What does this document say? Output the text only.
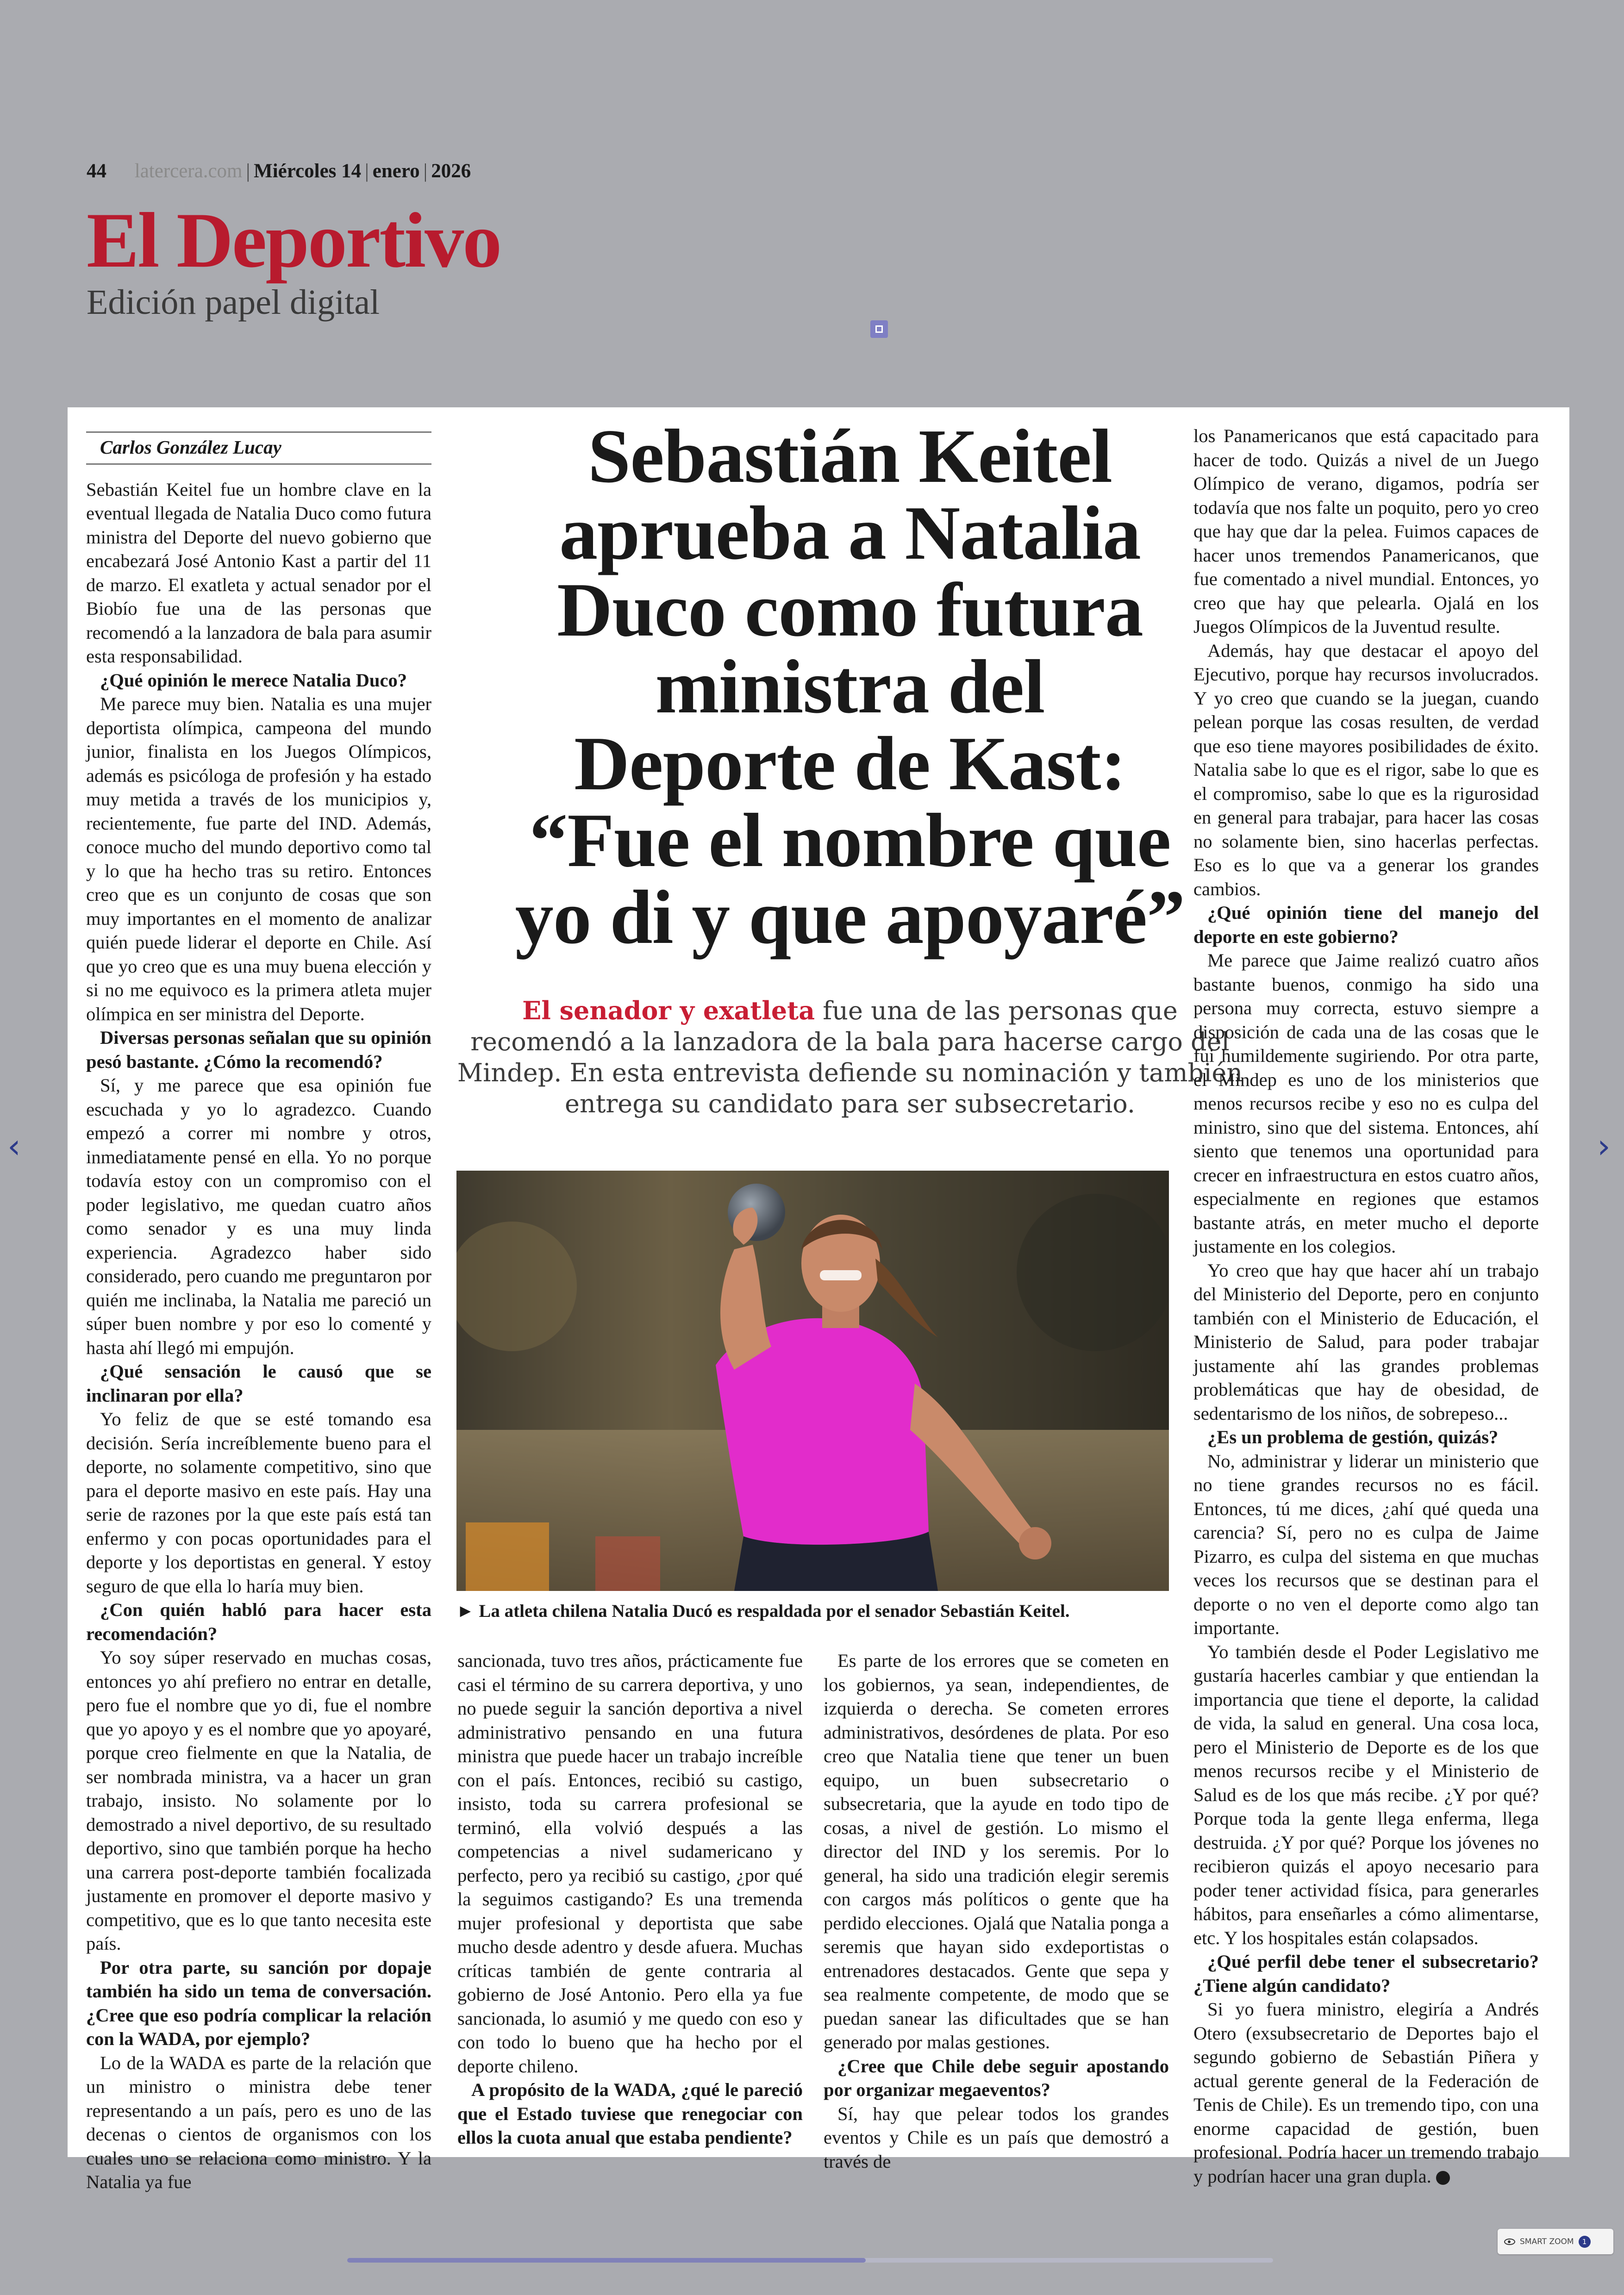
44 latercera.com | Miércoles 14 | enero | 2026
El Deportivo
Edición papel digital
‹	›

Carlos González Lucay

Sebastián Keitel fue un hombre clave en la eventual llegada de Natalia Duco como futura ministra del Deporte del nuevo gobierno que encabezará José Antonio Kast a partir del 11 de marzo. El exatleta y actual senador por el Biobío fue una de las personas que recomendó a la lanzadora de bala para asumir esta responsabilidad.

¿Qué opinión le merece Natalia Duco?

Me parece muy bien. Natalia es una mujer deportista olímpica, campeona del mundo junior, finalista en los Juegos Olímpicos, además es psicóloga de profesión y ha estado muy metida a través de los municipios y, recientemente, fue parte del IND. Además, conoce mucho del mundo deportivo como tal y lo que ha hecho tras su retiro. Entonces creo que es un conjunto de cosas que son muy importantes en el momento de analizar quién puede liderar el deporte en Chile. Así que yo creo que es una muy buena elección y si no me equivoco es la primera atleta mujer olímpica en ser ministra del Deporte.

Diversas personas señalan que su opinión pesó bastante. ¿Cómo la recomendó?

Sí, y me parece que esa opinión fue escuchada y yo lo agradezco. Cuando empezó a correr mi nombre y otros, inmediatamente pensé en ella. Yo no porque todavía estoy con un compromiso con el poder legislativo, me quedan cuatro años como senador y es una muy linda experiencia. Agradezco haber sido considerado, pero cuando me preguntaron por quién me inclinaba, la Natalia me pareció un súper buen nombre y por eso lo comenté y hasta ahí llegó mi empujón.

¿Qué sensación le causó que se inclinaran por ella?

Yo feliz de que se esté tomando esa decisión. Sería increíblemente bueno para el deporte, no solamente competitivo, sino que para el deporte masivo en este país. Hay una serie de razones por la que este país está tan enfermo y con pocas oportunidades para el deporte y los deportistas en general. Y estoy seguro de que ella lo haría muy bien.

¿Con quién habló para hacer esta recomendación?

Yo soy súper reservado en muchas cosas, entonces yo ahí prefiero no entrar en detalle, pero fue el nombre que yo di, fue el nombre que yo apoyo y es el nombre que yo apoyaré, porque creo fielmente en que la Natalia, de ser nombrada ministra, va a hacer un gran trabajo, insisto. No solamente por lo demostrado a nivel deportivo, de su resultado deportivo, sino que también porque ha hecho una carrera post-deporte también focalizada justamente en promover el deporte masivo y competitivo, que es lo que tanto necesita este país.

Por otra parte, su sanción por dopaje también ha sido un tema de conversación. ¿Cree que eso podría complicar la relación con la WADA, por ejemplo?

Lo de la WADA es parte de la relación que un ministro o ministra debe tener representando a un país, pero es uno de las decenas o cientos de organismos con los cuales uno se relaciona como ministro. Y la Natalia ya fue

Sebastián Keitel
aprueba a Natalia
Duco como futura
ministra del
Deporte de Kast:
“Fue el nombre que
yo di y que apoyaré”
El senador y exatleta fue una de las personas que recomendó a la lanzadora de la bala para hacerse cargo del Mindep. En esta entrevista defiende su nominación y también entrega su candidato para ser subsecretario.
► La atleta chilena Natalia Ducó es respaldada por el senador Sebastián Keitel.

sancionada, tuvo tres años, prácticamente fue casi el término de su carrera deportiva, y uno no puede seguir la sanción deportiva a nivel administrativo pensando en una futura ministra que puede hacer un trabajo increíble con el país. Entonces, recibió su castigo, insisto, toda su carrera profesional se terminó, ella volvió después a las competencias a nivel sudamericano y perfecto, pero ya recibió su castigo, ¿por qué la seguimos castigando? Es una tremenda mujer profesional y deportista que sabe mucho desde adentro y desde afuera. Muchas críticas también de gente contraria al gobierno de José Antonio. Pero ella ya fue sancionada, lo asumió y me quedo con eso y con todo lo bueno que ha hecho por el deporte chileno.

A propósito de la WADA, ¿qué le pareció que el Estado tuviese que renegociar con ellos la cuota anual que estaba pendiente?

Es parte de los errores que se cometen en los gobiernos, ya sean, independientes, de izquierda o derecha. Se cometen errores administrativos, desórdenes de plata. Por eso creo que Natalia tiene que tener un buen equipo, un buen subsecretario o subsecretaria, que la ayude en todo tipo de cosas, a nivel de gestión. Lo mismo el director del IND y los seremis. Por lo general, ha sido una tradición elegir seremis con cargos más políticos o gente que ha perdido elecciones. Ojalá que Natalia ponga a seremis que hayan sido exdeportistas o entrenadores destacados. Gente que sepa y sea realmente competente, de modo que se puedan sanear las dificultades que se han generado por malas gestiones.

¿Cree que Chile debe seguir apostando por organizar megaeventos?

Sí, hay que pelear todos los grandes eventos y Chile es un país que demostró a través de

los Panamericanos que está capacitado para hacer de todo. Quizás a nivel de un Juego Olímpico de verano, digamos, podría ser todavía que nos falte un poquito, pero yo creo que hay que dar la pelea. Fuimos capaces de hacer unos tremendos Panamericanos, que fue comentado a nivel mundial. Entonces, yo creo que hay que pelearla. Ojalá en los Juegos Olímpicos de la Juventud resulte.

Además, hay que destacar el apoyo del Ejecutivo, porque hay recursos involucrados. Y yo creo que cuando se la juegan, cuando pelean porque las cosas resulten, de verdad que eso tiene mayores posibilidades de éxito. Natalia sabe lo que es el rigor, sabe lo que es el compromiso, sabe lo que es la rigurosidad en general para trabajar, para hacer las cosas no solamente bien, sino hacerlas perfectas. Eso es lo que va a generar los grandes cambios.

¿Qué opinión tiene del manejo del deporte en este gobierno?

Me parece que Jaime realizó cuatro años bastante buenos, conmigo ha sido una persona muy correcta, estuvo siempre a disposición de cada una de las cosas que le fui humildemente sugiriendo. Por otra parte, el Mindep es uno de los ministerios que menos recursos recibe y eso no es culpa del ministro, sino que del sistema. Entonces, ahí siento que tenemos una oportunidad para crecer en infraestructura en estos cuatro años, especialmente en regiones que estamos bastante atrás, en meter mucho el deporte justamente en los colegios.

Yo creo que hay que hacer ahí un trabajo del Ministerio del Deporte, pero en conjunto también con el Ministerio de Educación, el Ministerio de Salud, para poder trabajar justamente ahí las grandes problemas problemáticas que hay de obesidad, de sedentarismo de los niños, de sobrepeso...

¿Es un problema de gestión, quizás?

No, administrar y liderar un ministerio que no tiene grandes recursos no es fácil. Entonces, tú me dices, ¿ahí qué queda una carencia? Sí, pero no es culpa de Jaime Pizarro, es culpa del sistema en que muchas veces los recursos que se destinan para el deporte o no ven el deporte como algo tan importante.

Yo también desde el Poder Legislativo me gustaría hacerles cambiar y que entiendan la importancia que tiene el deporte, la calidad de vida, la salud en general. Una cosa loca, pero el Ministerio de Deporte es de los que menos recursos recibe y el Ministerio de Salud es de los que más recibe. ¿Y por qué? Porque toda la gente llega enferma, llega destruida. ¿Y por qué? Porque los jóvenes no recibieron quizás el apoyo necesario para poder tener actividad física, para generarles hábitos, para enseñarles a cómo alimentarse, etc. Y los hospitales están colapsados.

¿Qué perfil debe tener el subsecretario? ¿Tiene algún candidato?

Si yo fuera ministro, elegiría a Andrés Otero (exsubsecretario de Deportes bajo el segundo gobierno de Sebastián Piñera y actual gerente general de la Federación de Tenis de Chile). Es un tremendo tipo, con una enorme capacidad de gestión, buen profesional. Podría hacer un tremendo trabajo y podrían hacer una gran dupla.

SMART ZOOM	1
